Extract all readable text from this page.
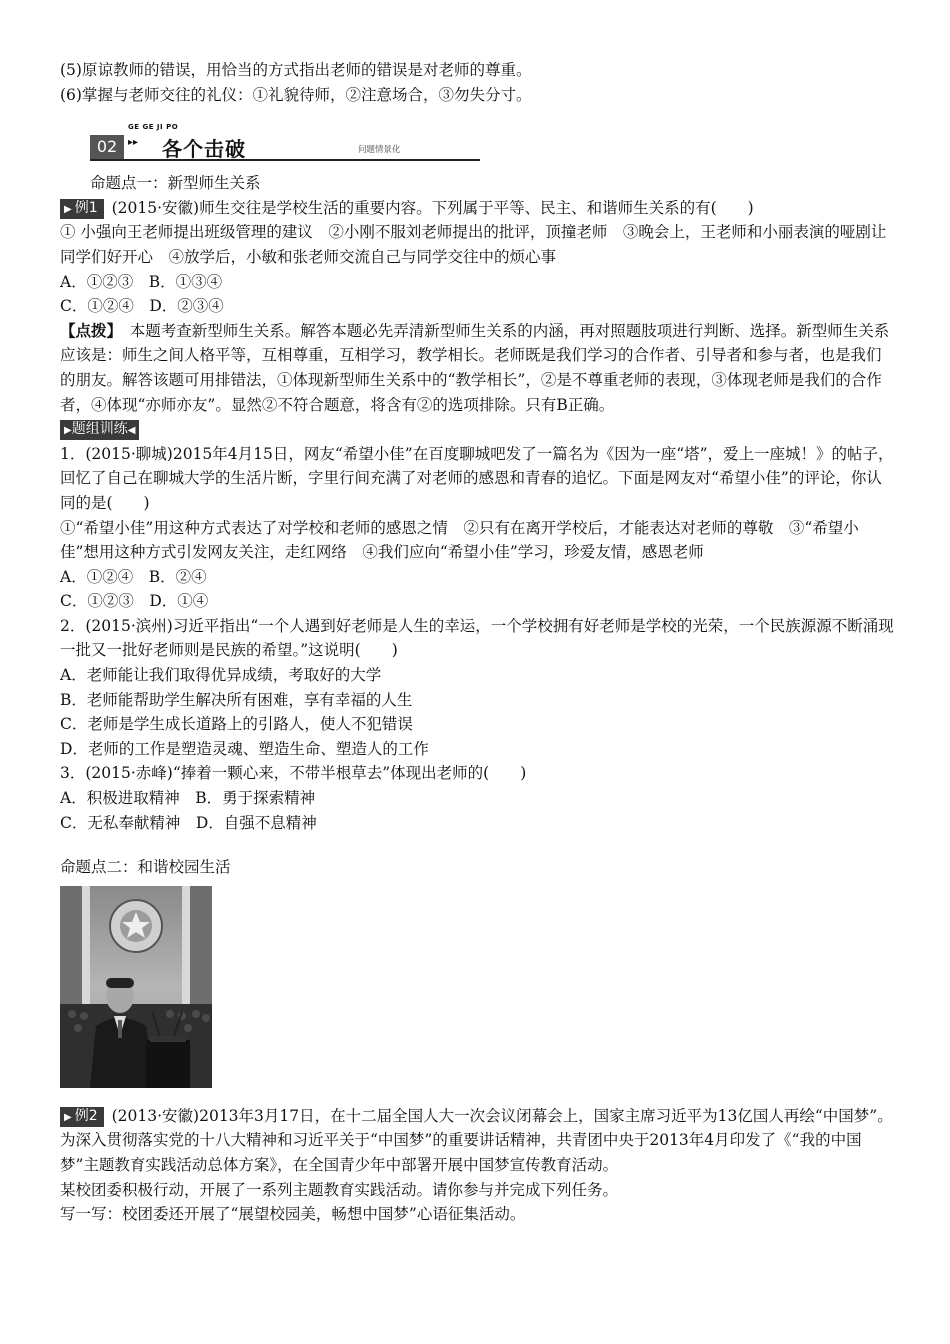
(5)原谅教师的错误，用恰当的方式指出老师的错误是对老师的尊重。
(6)掌握与老师交往的礼仪：①礼貌待师，②注意场合，③勿失分寸。
02
GE GE JI PO
▸▸ 各个击破	问题情景化
命题点一：新型师生关系
▶ 例1 (2015·安徽)师生交往是学校生活的重要内容。下列属于平等、民主、和谐师生关系的有(　　)
① 小强向王老师提出班级管理的建议　②小刚不服刘老师提出的批评，顶撞老师　③晚会上，王老师和小丽表演的哑剧让同学们好开心　④放学后，小敏和张老师交流自己与同学交往中的烦心事
A．①②③　B．①③④
C．①②④　D．②③④
【点拨】　 本题考查新型师生关系。解答本题必先弄清新型师生关系的内涵，再对照题肢项进行判断、选择。新型师生关系应该是：师生之间人格平等，互相尊重，互相学习，教学相长。老师既是我们学习的合作者、引导者和参与者，也是我们的朋友。解答该题可用排错法，①体现新型师生关系中的“教学相长”，②是不尊重老师的表现，③体现老师是我们的合作者，④体现“亦师亦友”。显然②不符合题意，将含有②的选项排除。只有B正确。
▶题组训练◀
1．(2015·聊城)2015年4月15日，网友“希望小佳”在百度聊城吧发了一篇名为《因为一座“塔”，爱上一座城！》的帖子，回忆了自己在聊城大学的生活片断，字里行间充满了对老师的感恩和青春的追忆。下面是网友对“希望小佳”的评论，你认同的是(　　)
①“希望小佳”用这种方式表达了对学校和老师的感恩之情　②只有在离开学校后，才能表达对老师的尊敬　③“希望小佳”想用这种方式引发网友关注，走红网络　④我们应向“希望小佳”学习，珍爱友情，感恩老师
A．①②④　B．②④
C．①②③　D．①④
2．(2015·滨州)习近平指出“一个人遇到好老师是人生的幸运，一个学校拥有好老师是学校的光荣，一个民族源源不断涌现一批又一批好老师则是民族的希望。”这说明(　　)
A．老师能让我们取得优异成绩，考取好的大学
B．老师能帮助学生解决所有困难，享有幸福的人生
C．老师是学生成长道路上的引路人，使人不犯错误
D．老师的工作是塑造灵魂、塑造生命、塑造人的工作
3．(2015·赤峰)“捧着一颗心来，不带半根草去”体现出老师的(　　)
A．积极进取精神　B．勇于探索精神
C．无私奉献精神　D．自强不息精神
命题点二：和谐校园生活
▶ 例2 (2013·安徽)2013年3月17日，在十二届全国人大一次会议闭幕会上，国家主席习近平为13亿国人再绘“中国梦”。为深入贯彻落实党的十八大精神和习近平关于“中国梦”的重要讲话精神，共青团中央于2013年4月印发了《“我的中国梦”主题教育实践活动总体方案》，在全国青少年中部署开展中国梦宣传教育活动。
某校团委积极行动，开展了一系列主题教育实践活动。请你参与并完成下列任务。
写一写：校团委还开展了“展望校园美，畅想中国梦”心语征集活动。
